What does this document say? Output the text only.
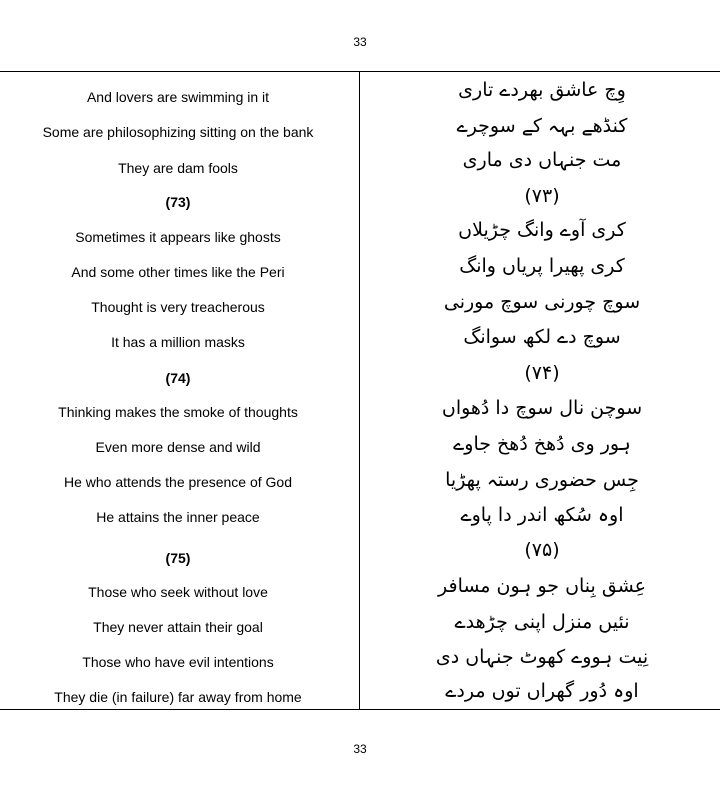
33
33
And lovers are swimming in it
Some are philosophizing sitting on the bank
They are dam fools
(73)
Sometimes it appears like ghosts
And some other times like the Peri
Thought is very treacherous
It has a million masks
(74)
Thinking makes the smoke of thoughts
Even more dense and wild
He who attends the presence of God
He attains the inner peace
(75)
Those who seek without love
They never attain their goal
Those who have evil intentions
They die (in failure) far away from home
وِچ عاشق بھردے تاری
کنڈھے بہہ کے سوچرے
مت جنہاں دی ماری
(۷۳)
کری آوے وانگ چڑیلاں
کری پھیرا پریاں وانگ
سوچ چورنی سوچ مورنی
سوچ دے لکھ سوانگ
(۷۴)
سوچن نال سوچ دا دُھواں
ہور وی دُھخ دُھخ جاوے
جِس حضوری رستہ پھڑیا
اوہ سُکھ اندر دا پاوے
(۷۵)
عِشق بِناں جو ہون مسافر
نئیں منزل اپنی چڑھدے
نِیت ہووے کھوٹ جنہاں دی
اوہ دُور گھراں توں مردے
